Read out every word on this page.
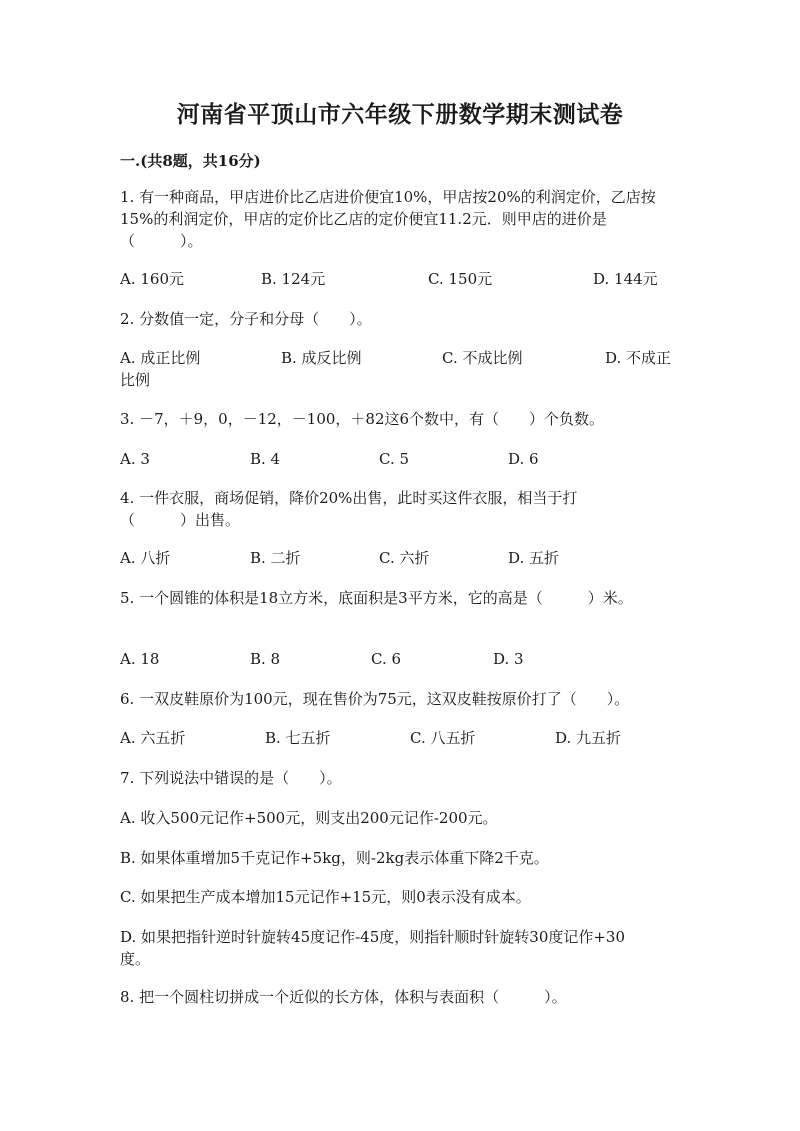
河南省平顶山市六年级下册数学期末测试卷
一.(共8题，共16分)
1. 有一种商品，甲店进价比乙店进价便宜10%，甲店按20%的利润定价，乙店按
15%的利润定价，甲店的定价比乙店的定价便宜11.2元．则甲店的进价是
（　　　）。
A. 160元	B. 124元	C. 150元	D. 144元
2. 分数值一定，分子和分母（　　）。
A. 成正比例	B. 成反比例	C. 不成比例	D. 不成正
比例
3. －7，＋9，0，－12，－100，＋82这6个数中，有（　　）个负数。
A. 3	B. 4	C. 5	D. 6
4. 一件衣服，商场促销，降价20%出售，此时买这件衣服，相当于打
（　　　）出售。
A. 八折	B. 二折	C. 六折	D. 五折
5. 一个圆锥的体积是18立方米，底面积是3平方米，它的高是（　　　）米。
A. 18	B. 8	C. 6	D. 3
6. 一双皮鞋原价为100元，现在售价为75元，这双皮鞋按原价打了（　　）。
A. 六五折	B. 七五折	C. 八五折	D. 九五折
7. 下列说法中错误的是（　　）。
A. 收入500元记作+500元，则支出200元记作-200元。
B. 如果体重增加5千克记作+5kg，则-2kg表示体重下降2千克。
C. 如果把生产成本增加15元记作+15元，则0表示没有成本。
D. 如果把指针逆时针旋转45度记作-45度，则指针顺时针旋转30度记作+30
度。
8. 把一个圆柱切拼成一个近似的长方体，体积与表面积（　　　）。
